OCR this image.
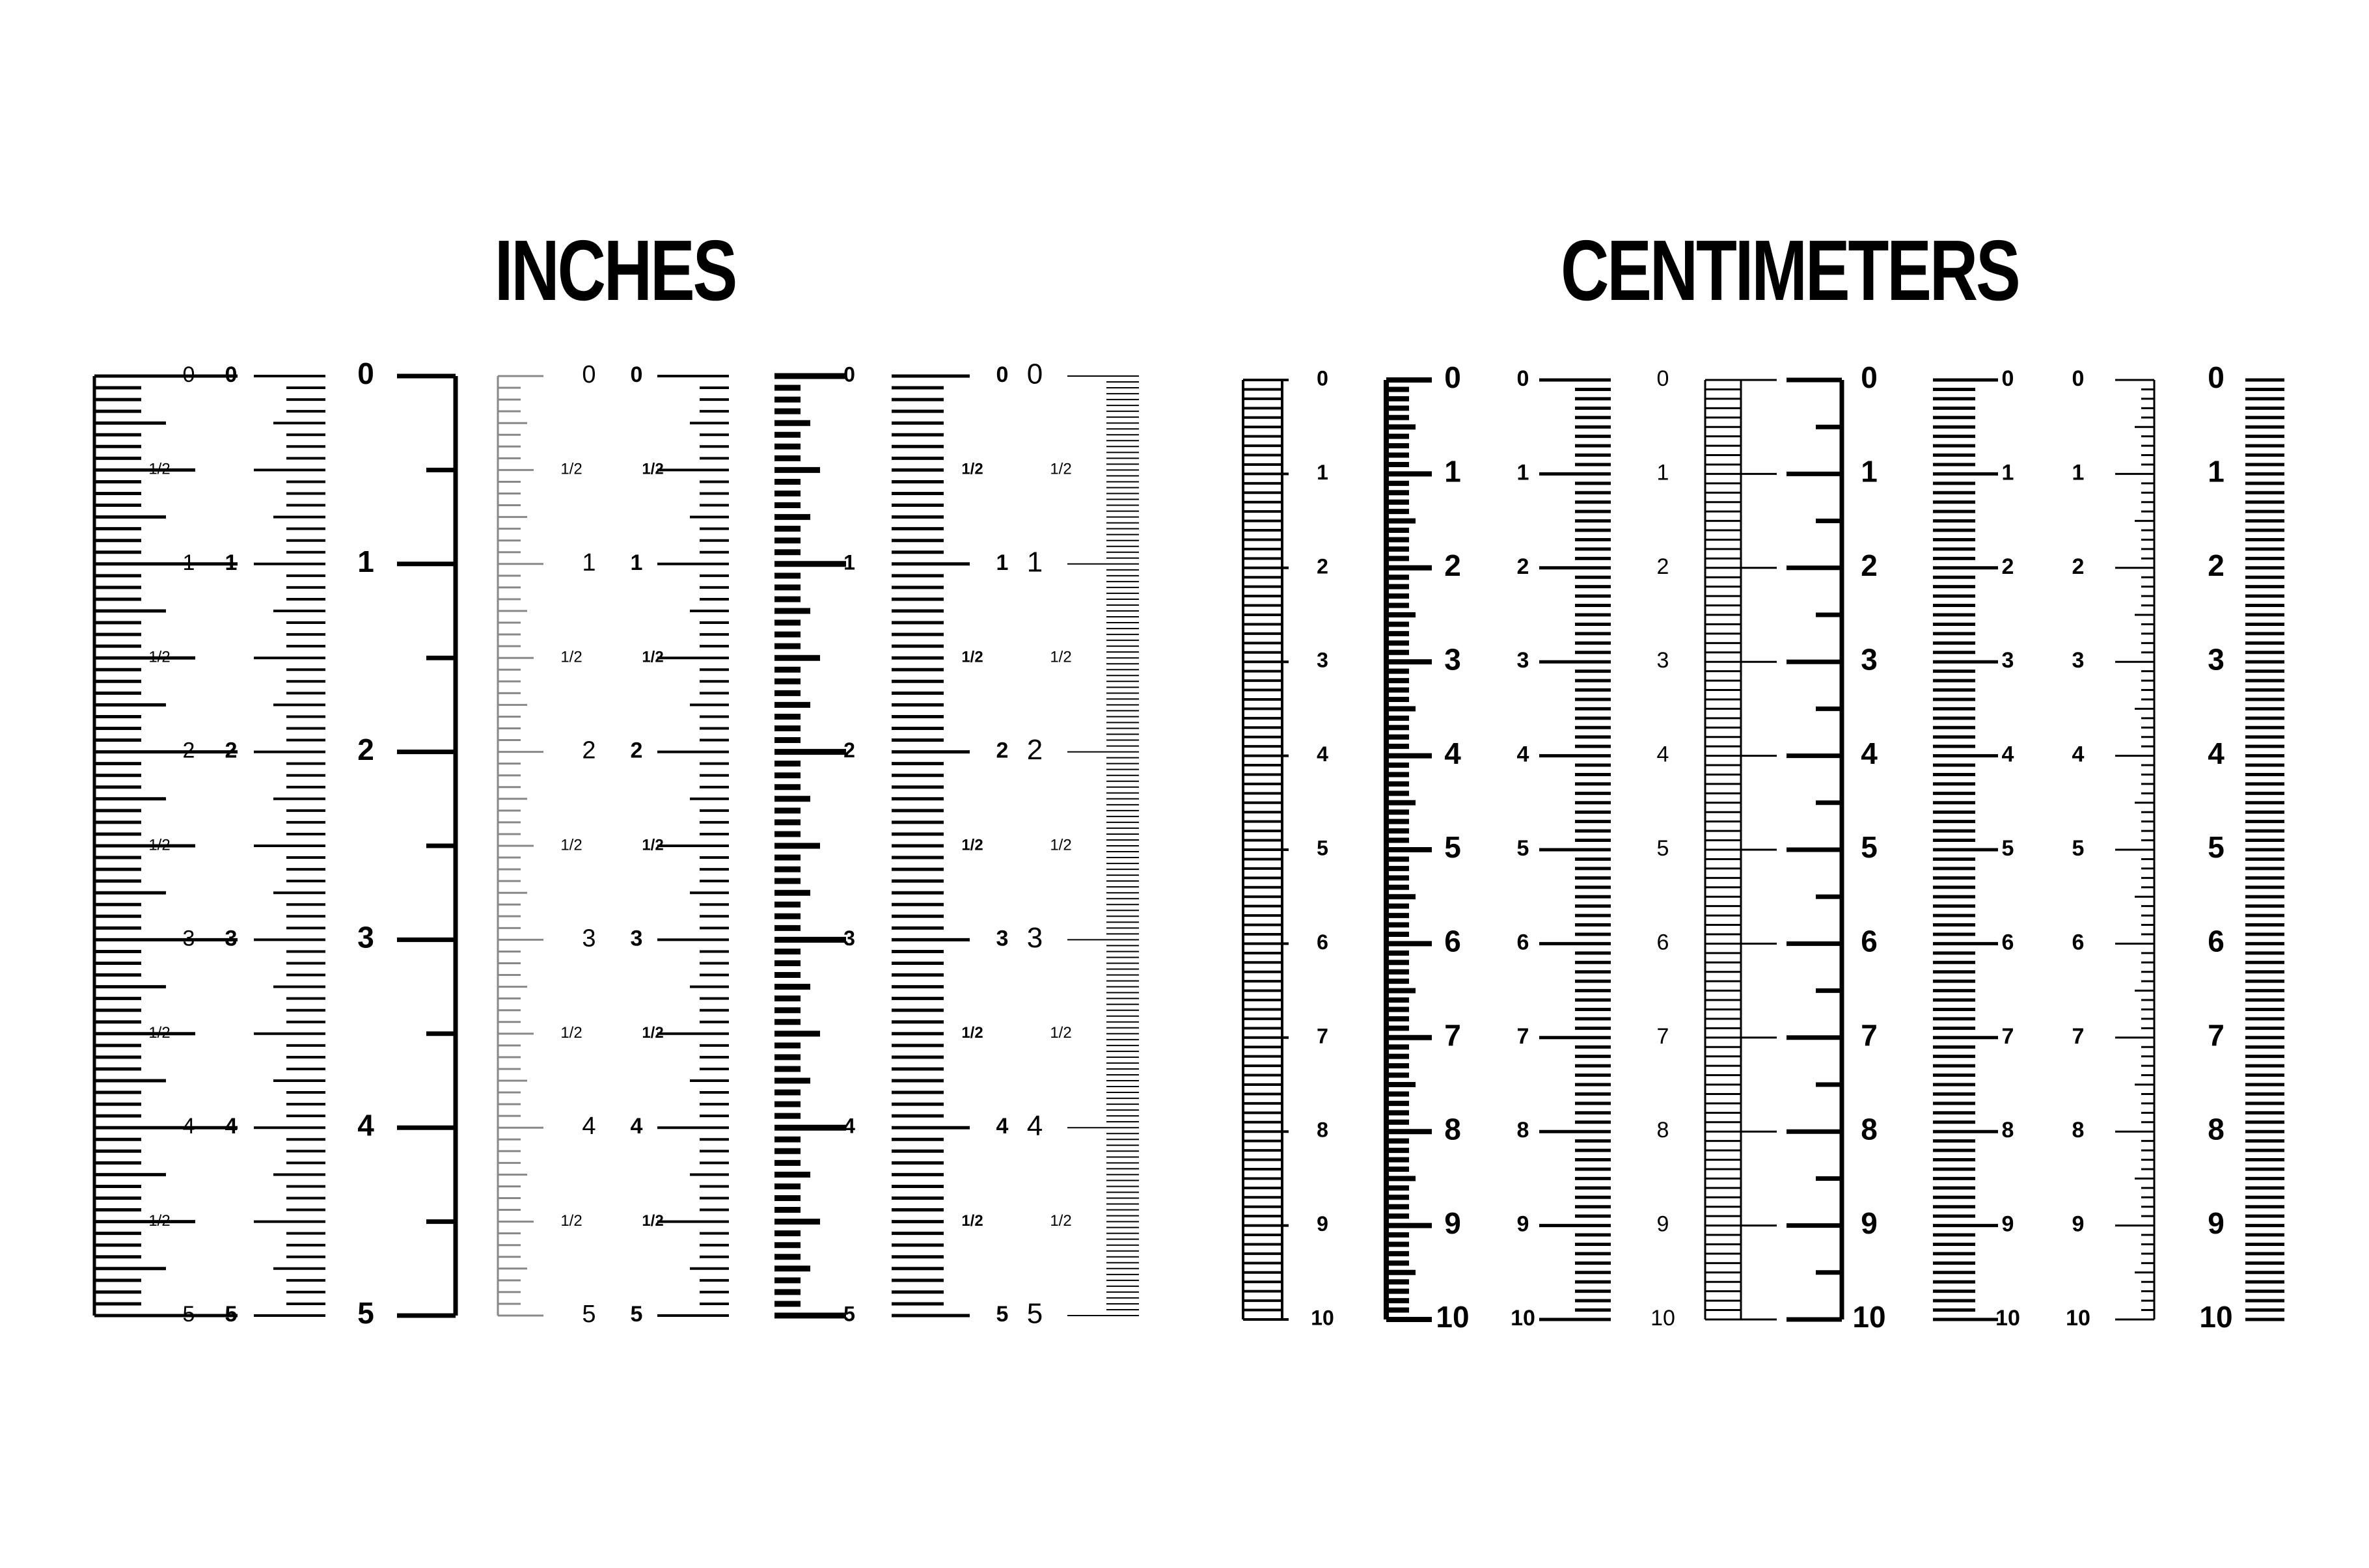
INCHES	CENTIMETERS
0
1/2
1
1/2
2
1/2
3
1/2
4
1/2
5
0
1
2
3
4
5
0
1
2
3
4
5
0
1/2
1
1/2
2
1/2
3
1/2
4
1/2
5
0
1/2
1
1/2
2
1/2
3
1/2
4
1/2
5
0
1
2
3
4
5
0
1/2
1
1/2
2
1/2
3
1/2
4
1/2
5
0
1/2
1
1/2
2
1/2
3
1/2
4
1/2
5
0
1
2
3
4
5
6
7
8
9
10
0
1
2
3
4
5
6
7
8
9
10
0
1
2
3
4
5
6
7
8
9
10
0
1
2
3
4
5
6
7
8
9
10
0
1
2
3
4
5
6
7
8
9
10
0
1
2
3
4
5
6
7
8
9
10
0
1
2
3
4
5
6
7
8
9
10
0
1
2
3
4
5
6
7
8
9
10
